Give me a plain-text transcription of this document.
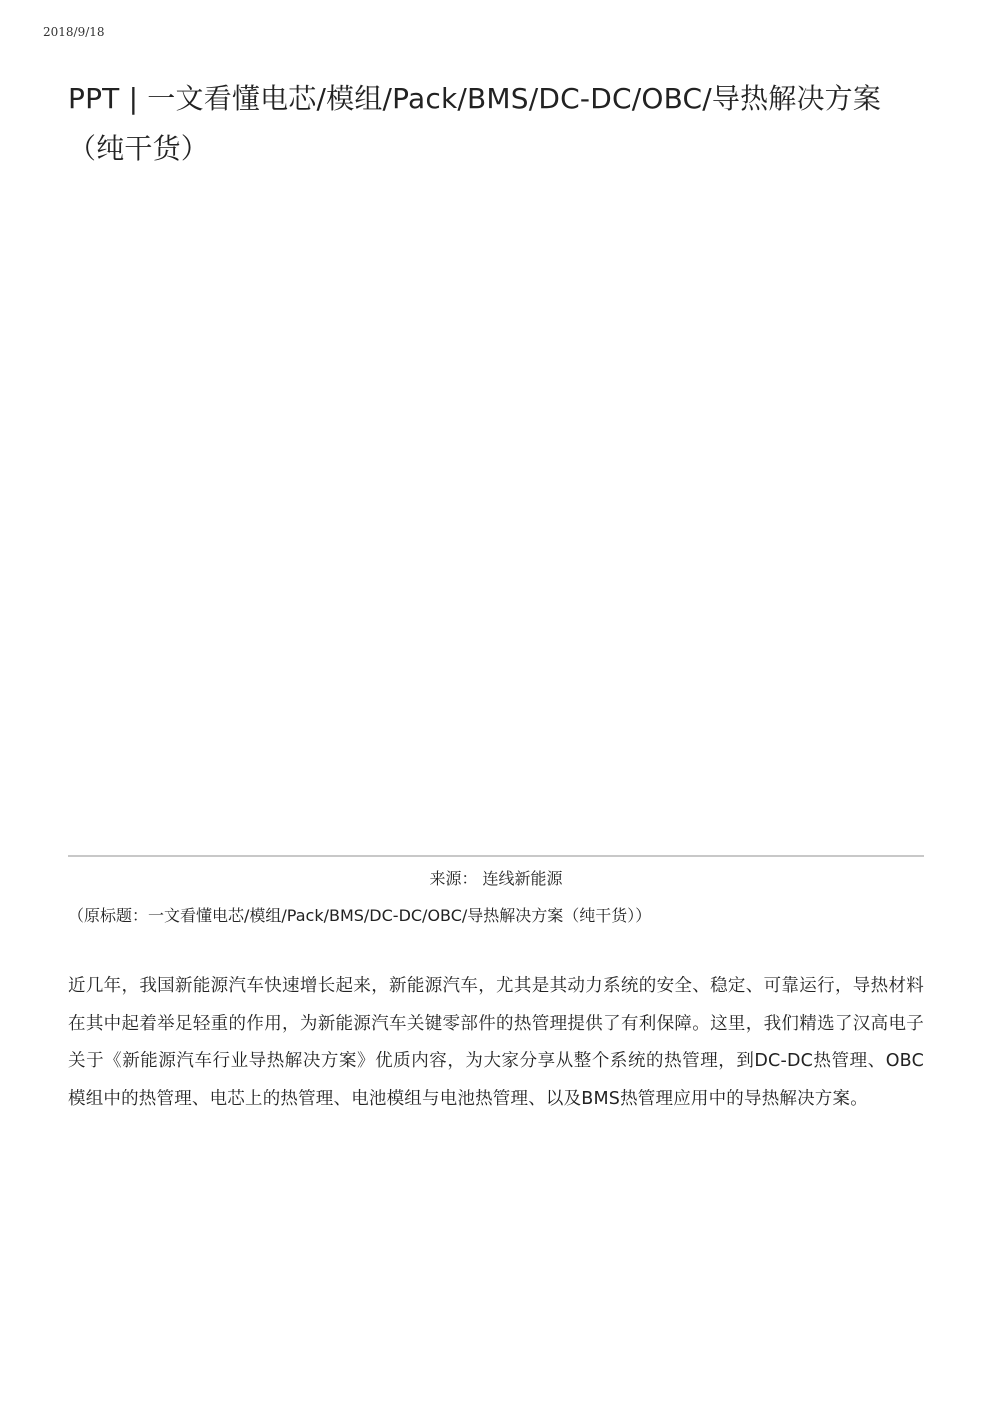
2018/9/18
PPT | 一文看懂电芯/模组/Pack/BMS/DC-DC/OBC/导热解决方案（纯干货）
来源： 连线新能源
（原标题：一文看懂电芯/模组/Pack/BMS/DC-DC/OBC/导热解决方案（纯干货））

近几年，我国新能源汽车快速增长起来，新能源汽车，尤其是其动力系统的安全、稳定、可靠运行，导热材料在其中起着举足轻重的作用，为新能源汽车关键零部件的热管理提供了有利保障。这里，我们精选了汉高电子关于《新能源汽车行业导热解决方案》优质内容，为大家分享从整个系统的热管理，到DC-DC热管理、OBC模组中的热管理、电芯上的热管理、电池模组与电池热管理、以及BMS热管理应用中的导热解决方案。
